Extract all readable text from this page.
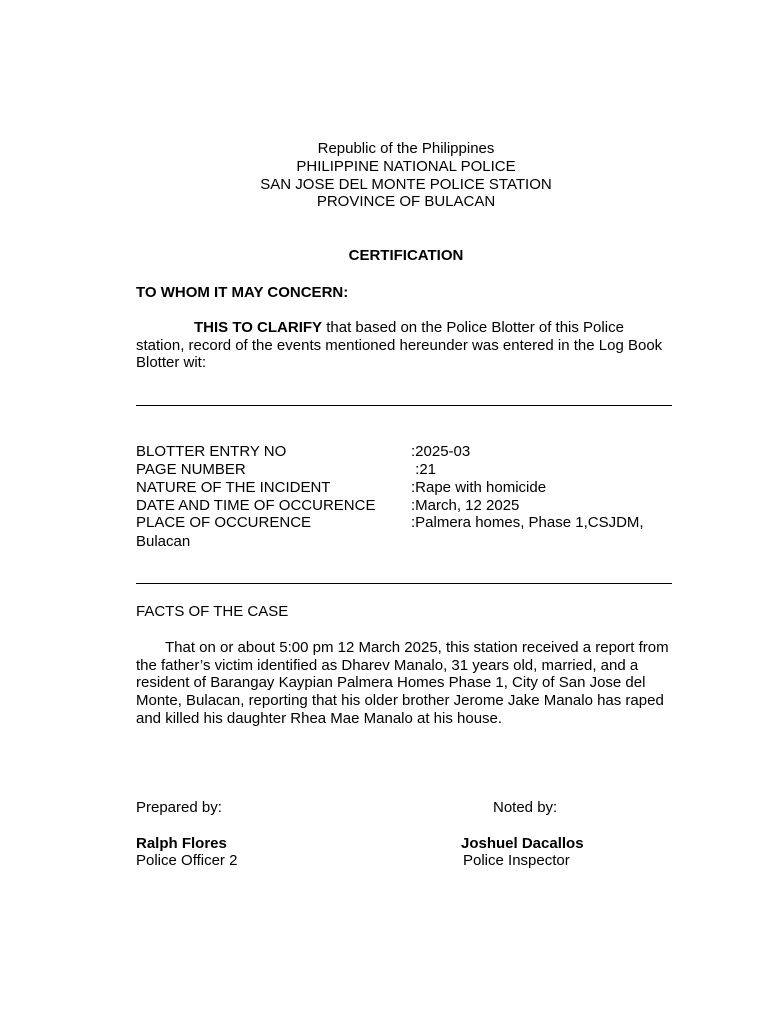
Republic of the Philippines
PHILIPPINE NATIONAL POLICE
SAN JOSE DEL MONTE POLICE STATION
PROVINCE OF BULACAN
CERTIFICATION
TO WHOM IT MAY CONCERN:
THIS TO CLARIFY that based on the Police Blotter of this Police
station, record of the events mentioned hereunder was entered in the Log Book
Blotter wit:
BLOTTER ENTRY NO	:2025-03
PAGE NUMBER	:21
NATURE OF THE INCIDENT	:Rape with homicide
DATE AND TIME OF OCCURENCE :March, 12 2025
PLACE OF OCCURENCE	:Palmera homes, Phase 1,CSJDM,
Bulacan
FACTS OF THE CASE
That on or about 5:00 pm 12 March 2025, this station received a report from
the father’s victim identified as Dharev Manalo, 31 years old, married, and a
resident of Barangay Kaypian Palmera Homes Phase 1, City of San Jose del
Monte, Bulacan, reporting that his older brother Jerome Jake Manalo has raped
and killed his daughter Rhea Mae Manalo at his house.
Prepared by:
Ralph Flores
Police Officer 2
Noted by:
Joshuel Dacallos
Police Inspector
